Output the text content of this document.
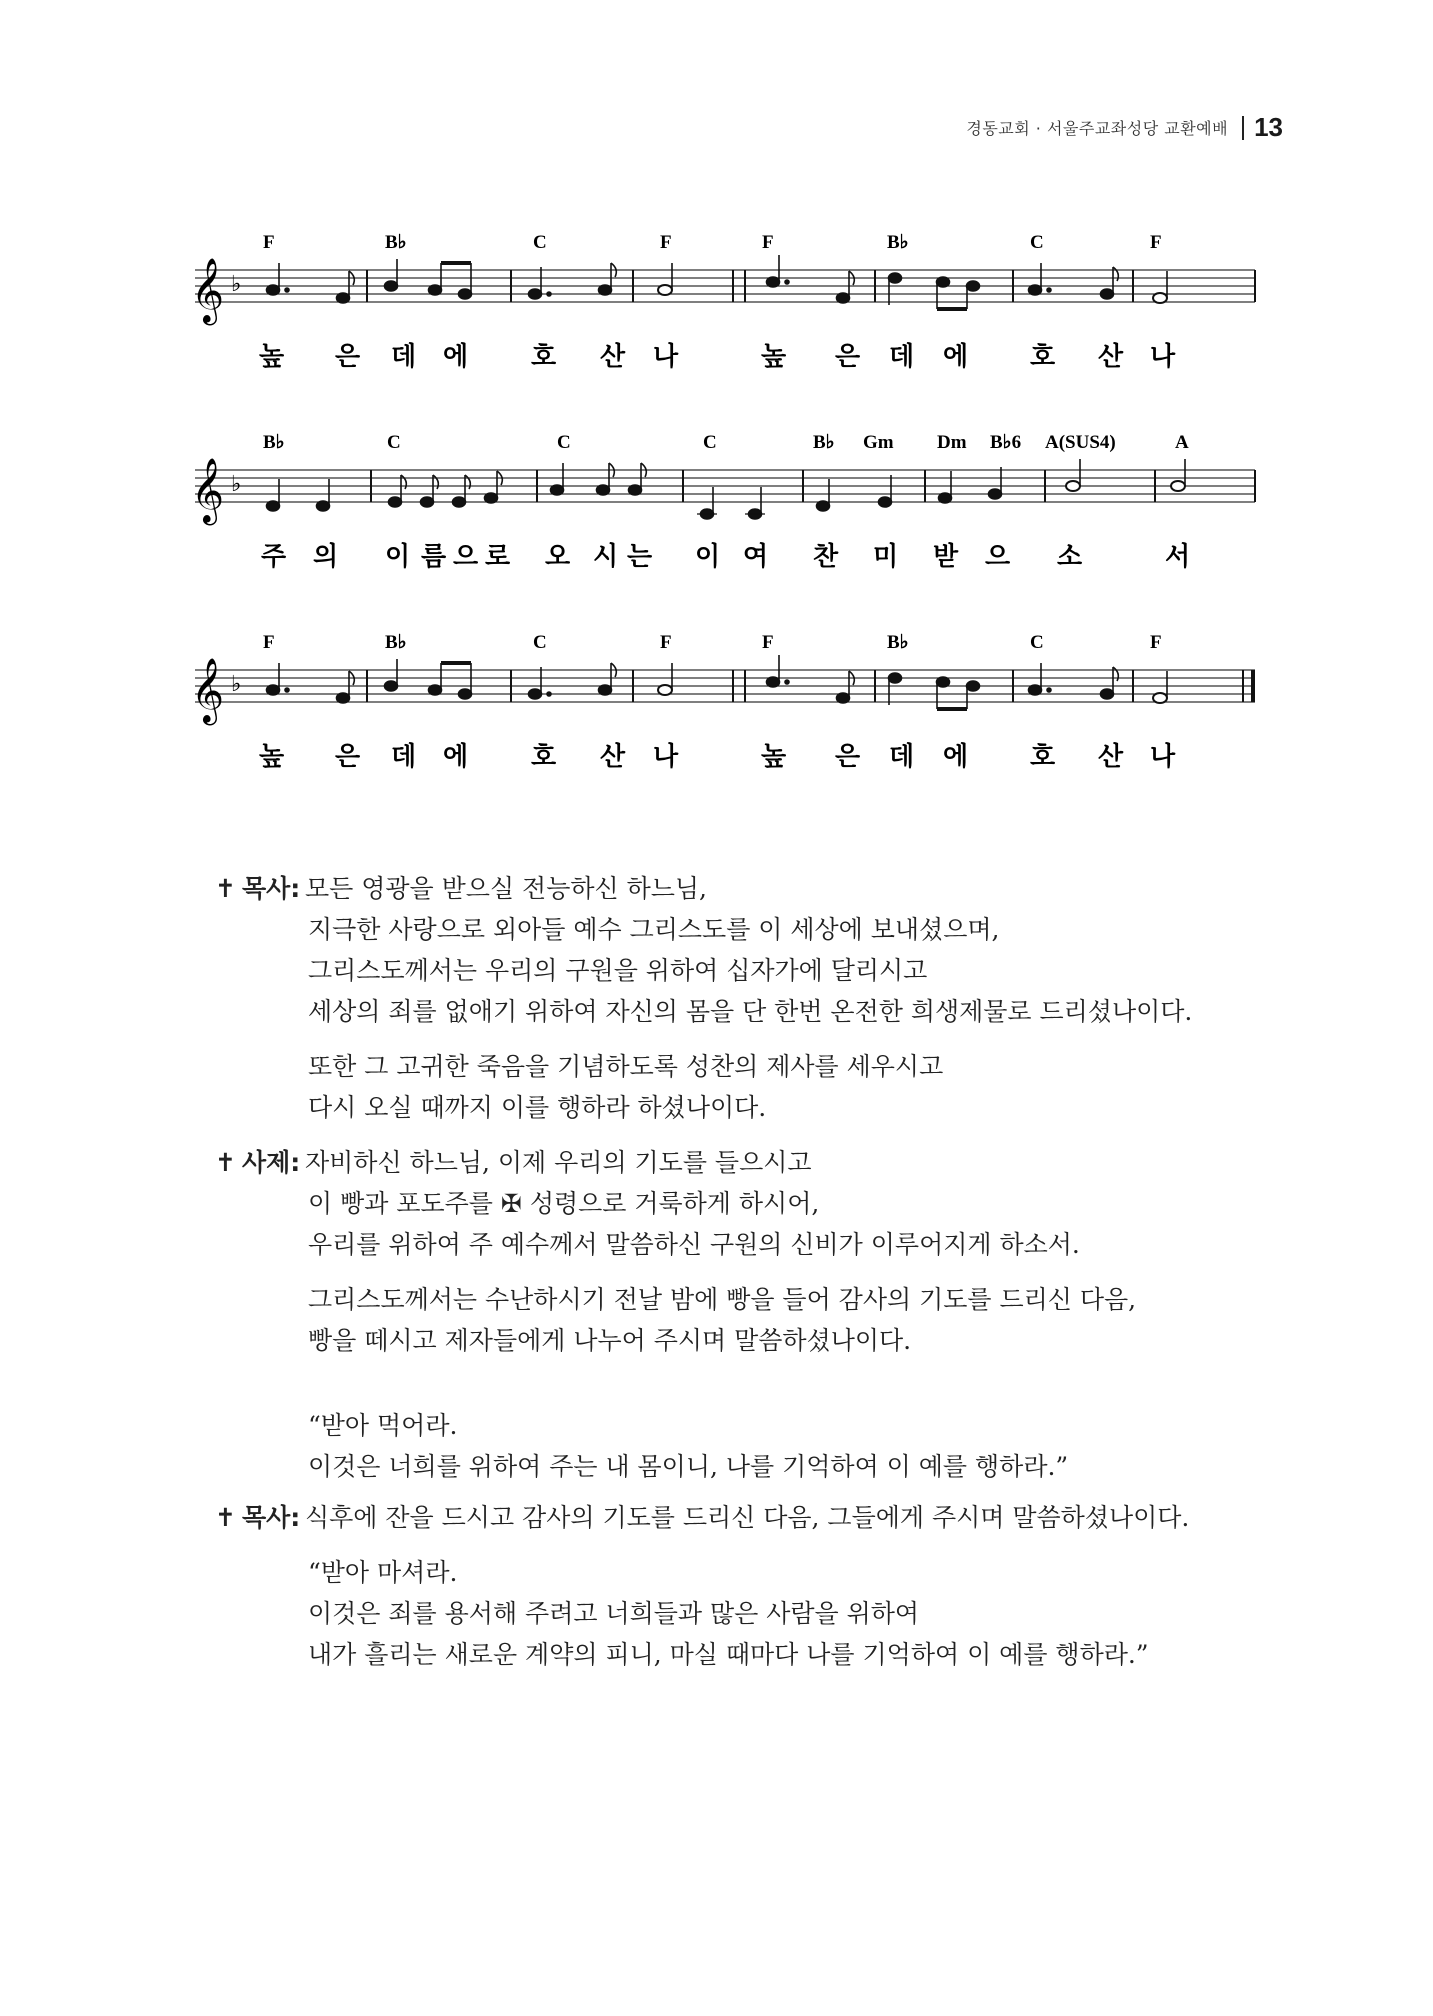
경동교회 · 서울주교좌성당 교환예배 13
F	B♭	C	F	F	B♭	C	F
𝄞 ♭
높 은 데 에 호 산 나	높 은 데 에 호 산 나
B♭	C	C	C	B♭ Gm Dm B♭6 A(SUS4)	A
𝄞 ♭
주 의 이 름 으 로 오 시 는 이 여 찬 미 받 으 소	서
F	B♭	C	F	F	B♭	C	F
𝄞 ♭
높 은 데 에 호 산 나	높 은 데 에 호 산 나
✝ 목사: 모든 영광을 받으실 전능하신 하느님,
지극한 사랑으로 외아들 예수 그리스도를 이 세상에 보내셨으며,
그리스도께서는 우리의 구원을 위하여 십자가에 달리시고
세상의 죄를 없애기 위하여 자신의 몸을 단 한번 온전한 희생제물로 드리셨나이다.
또한 그 고귀한 죽음을 기념하도록 성찬의 제사를 세우시고
다시 오실 때까지 이를 행하라 하셨나이다.
✝ 사제: 자비하신 하느님, 이제 우리의 기도를 들으시고
이 빵과 포도주를 ✠ 성령으로 거룩하게 하시어,
우리를 위하여 주 예수께서 말씀하신 구원의 신비가 이루어지게 하소서.
그리스도께서는 수난하시기 전날 밤에 빵을 들어 감사의 기도를 드리신 다음,
빵을 떼시고 제자들에게 나누어 주시며 말씀하셨나이다.
“받아 먹어라.
이것은 너희를 위하여 주는 내 몸이니, 나를 기억하여 이 예를 행하라.”
✝ 목사: 식후에 잔을 드시고 감사의 기도를 드리신 다음, 그들에게 주시며 말씀하셨나이다.
“받아 마셔라.
이것은 죄를 용서해 주려고 너희들과 많은 사람을 위하여
내가 흘리는 새로운 계약의 피니, 마실 때마다 나를 기억하여 이 예를 행하라.”
